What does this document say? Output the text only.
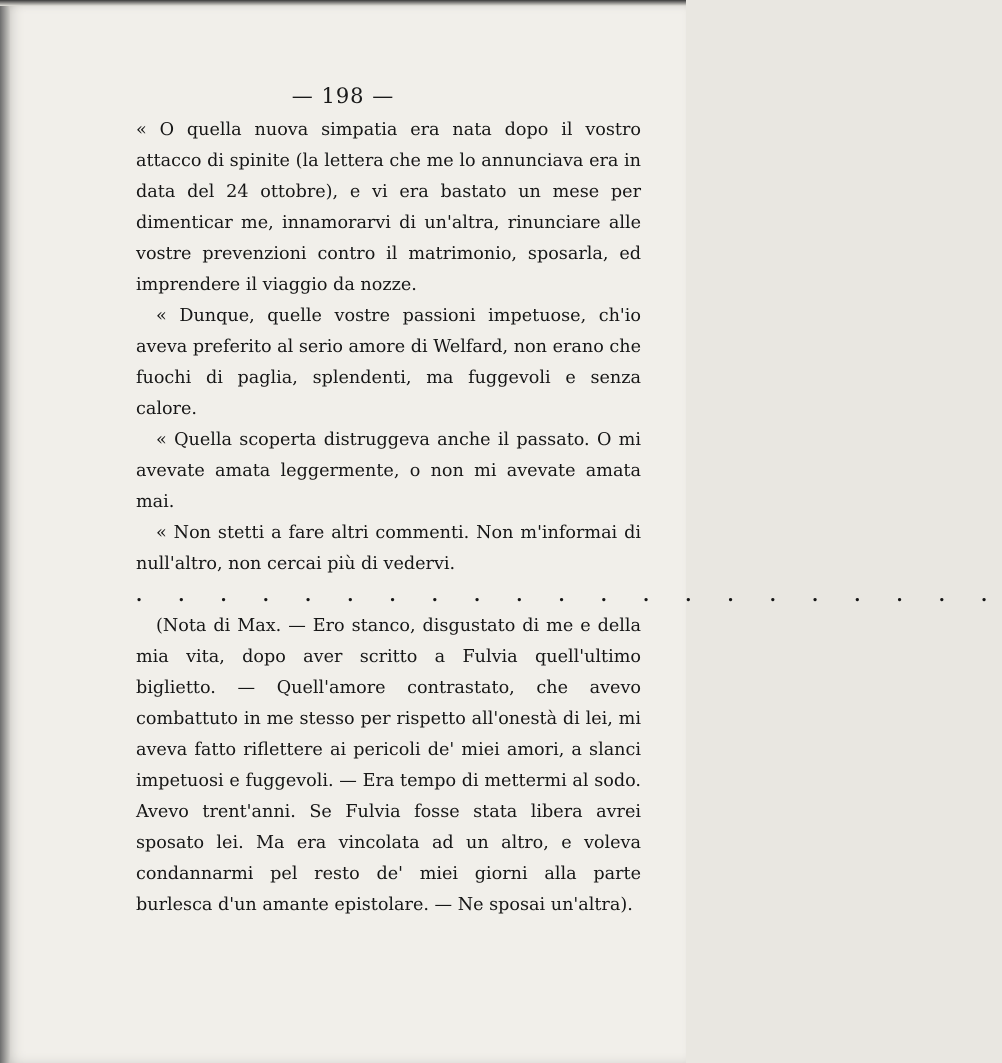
— 198 —

« O quella nuova simpatia era nata dopo il vostro attacco di spinite (la lettera che me lo annunciava era in data del 24 ottobre), e vi era bastato un mese per dimenticar me, innamorarvi di un'altra, rinunciare alle vostre prevenzioni contro il matrimonio, sposarla, ed imprendere il viaggio da nozze.

« Dunque, quelle vostre passioni impetuose, ch'io aveva preferito al serio amore di Welfard, non erano che fuochi di paglia, splendenti, ma fuggevoli e senza calore.

« Quella scoperta distruggeva anche il passato. O mi avevate amata leggermente, o non mi avevate amata mai.

« Non stetti a fare altri commenti. Non m'informai di null'altro, non cercai più di vedervi.

. . . . . . . . . . . . . . . . . . . . .

(Nota di Max. — Ero stanco, disgustato di me e della mia vita, dopo aver scritto a Fulvia quell'ultimo biglietto. — Quell'amore contrastato, che avevo combattuto in me stesso per rispetto all'onestà di lei, mi aveva fatto riflettere ai pericoli de' miei amori, a slanci impetuosi e fuggevoli. — Era tempo di mettermi al sodo. Avevo trent'anni. Se Fulvia fosse stata libera avrei sposato lei. Ma era vincolata ad un altro, e voleva condannarmi pel resto de' miei giorni alla parte burlesca d'un amante epistolare. — Ne sposai un'altra).
